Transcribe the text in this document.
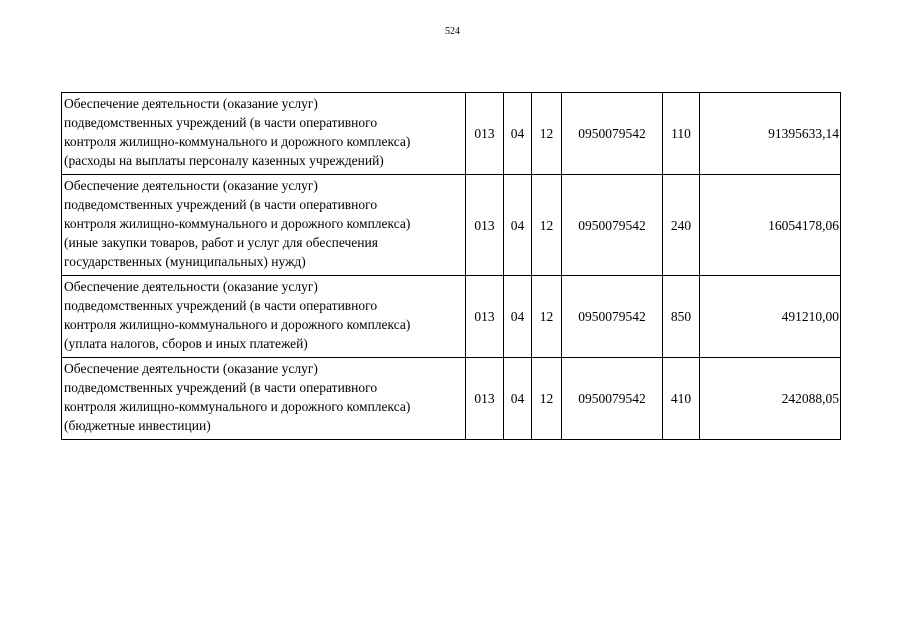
524
Обеспечение деятельности (оказание услуг)
подведомственных учреждений (в части оперативного
контроля жилищно-коммунального и дорожного комплекса)
(расходы на выплаты персоналу казенных учреждений)	013	04	12	0950079542	110	91395633,14

Обеспечение деятельности (оказание услуг)
подведомственных учреждений (в части оперативного
контроля жилищно-коммунального и дорожного комплекса)
(иные закупки товаров, работ и услуг для обеспечения
государственных (муниципальных) нужд)	013	04	12	0950079542	240	16054178,06

Обеспечение деятельности (оказание услуг)
подведомственных учреждений (в части оперативного
контроля жилищно-коммунального и дорожного комплекса)
(уплата налогов, сборов и иных платежей)	013	04	12	0950079542	850	491210,00

Обеспечение деятельности (оказание услуг)
подведомственных учреждений (в части оперативного
контроля жилищно-коммунального и дорожного комплекса)
(бюджетные инвестиции)	013	04	12	0950079542	410	242088,05
